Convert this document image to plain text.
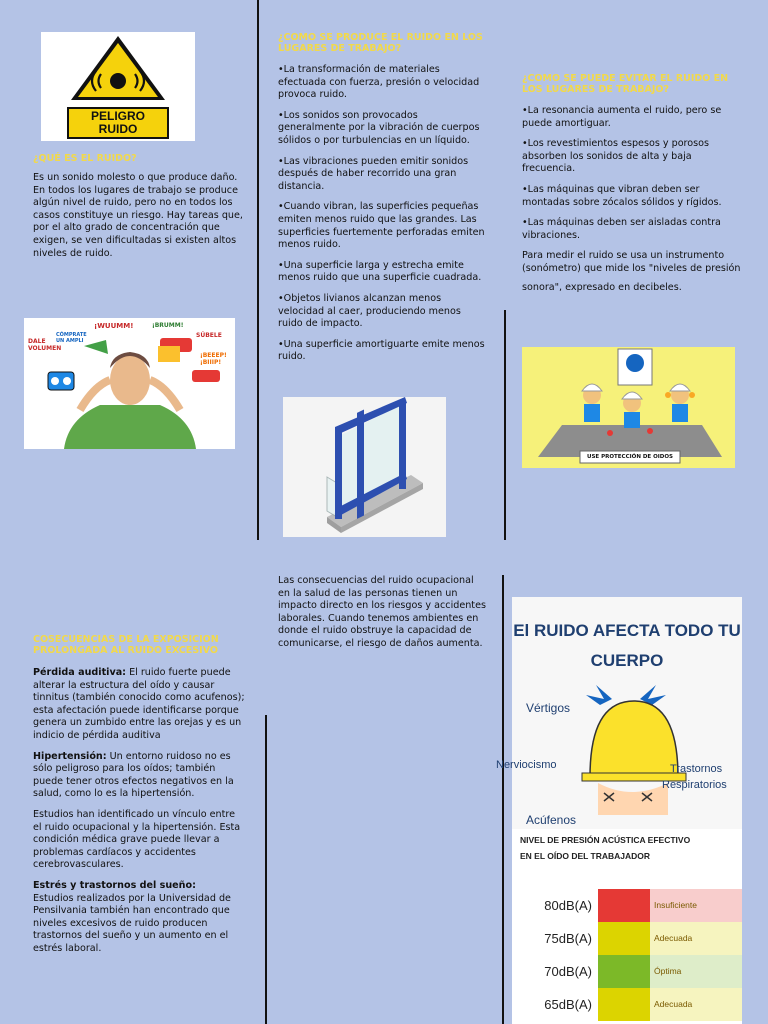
PELIGRO
RUIDO
¿QUÉ ES EL RUIDO?
Es un sonido molesto o que produce daño. En todos los lugares de trabajo se produce algún nivel de ruido, pero no en todos los casos constituye un riesgo. Hay tareas que, por el alto grado de concentración que exigen, se ven dificultadas si existen altos niveles de ruido.
DALE VOLUMEN
¡WUUMM!	¡BRUMM!
CÓMPRATE UN AMPLI
¡BEEEP! ¡BIIIP!
SÚBELE
¿COMO SE PRODUCE EL RUIDO EN LOS LUGARES DE TRABAJO?

•La transformación de materiales efectuada con fuerza, presión o velocidad provoca ruido.

•Los sonidos son provocados generalmente por la vibración de cuerpos sólidos o por turbulencias en un líquido.

•Las vibraciones pueden emitir sonidos después de haber recorrido una gran distancia.

•Cuando vibran, las superficies pequeñas emiten menos ruido que las grandes. Las superficies fuertemente perforadas emiten menos ruido.

•Una superficie larga y estrecha emite menos ruido que una superficie cuadrada.

•Objetos livianos alcanzan menos velocidad al caer, produciendo menos ruido de impacto.

•Una superficie amortiguarte emite menos ruido.

¿COMO SE PUEDE EVITAR EL RUIDO EN LOS LUGARES DE TRABAJO?

•La resonancia aumenta el ruido, pero se puede amortiguar.

•Los revestimientos espesos y porosos absorben los sonidos de alta y baja frecuencia.

•Las máquinas que vibran deben ser montadas sobre zócalos sólidos y rígidos.

•Las máquinas deben ser aisladas contra vibraciones.

Para medir el ruido se usa un instrumento (sonómetro) que mide los "niveles de presión

sonora", expresado en decibeles.

USE PROTECCIÓN DE OIDOS
COSECUENCIAS DE LA EXPOSICION PROLONGADA AL RUIDO EXCESIVO

Pérdida auditiva: El ruido fuerte puede alterar la estructura del oído y causar tinnitus (también conocido como acufenos); esta afectación puede identificarse porque genera un zumbido entre las orejas y es un indicio de pérdida auditiva

Hipertensión: Un entorno ruidoso no es sólo peligroso para los oídos; también puede tener otros efectos negativos en la salud, como lo es la hipertensión.

Estudios han identificado un vínculo entre el ruido ocupacional y la hipertensión. Esta condición médica grave puede llevar a problemas cardíacos y accidentes cerebrovasculares.

Estrés y trastornos del sueño:
Estudios realizados por la Universidad de Pensilvania también han encontrado que niveles excesivos de ruido producen trastornos del sueño y un aumento en el estrés laboral.

Las consecuencias del ruido ocupacional en la salud de las personas tienen un impacto directo en los riesgos y accidentes laborales. Cuando tenemos ambientes en donde el ruido obstruye la capacidad de comunicarse, el riesgo de daños aumenta.
El RUIDO AFECTA TODO TU
CUERPO
Vértigos
Nerviocismo	Trastornos
Respiratorios
Acúfenos
NIVEL DE PRESIÓN ACÚSTICA EFECTIVO
EN EL OÍDO DEL TRABAJADOR
80dB(A)	Insuficiente
75dB(A)	Adecuada
70dB(A)	Óptima
65dB(A)	Adecuada
